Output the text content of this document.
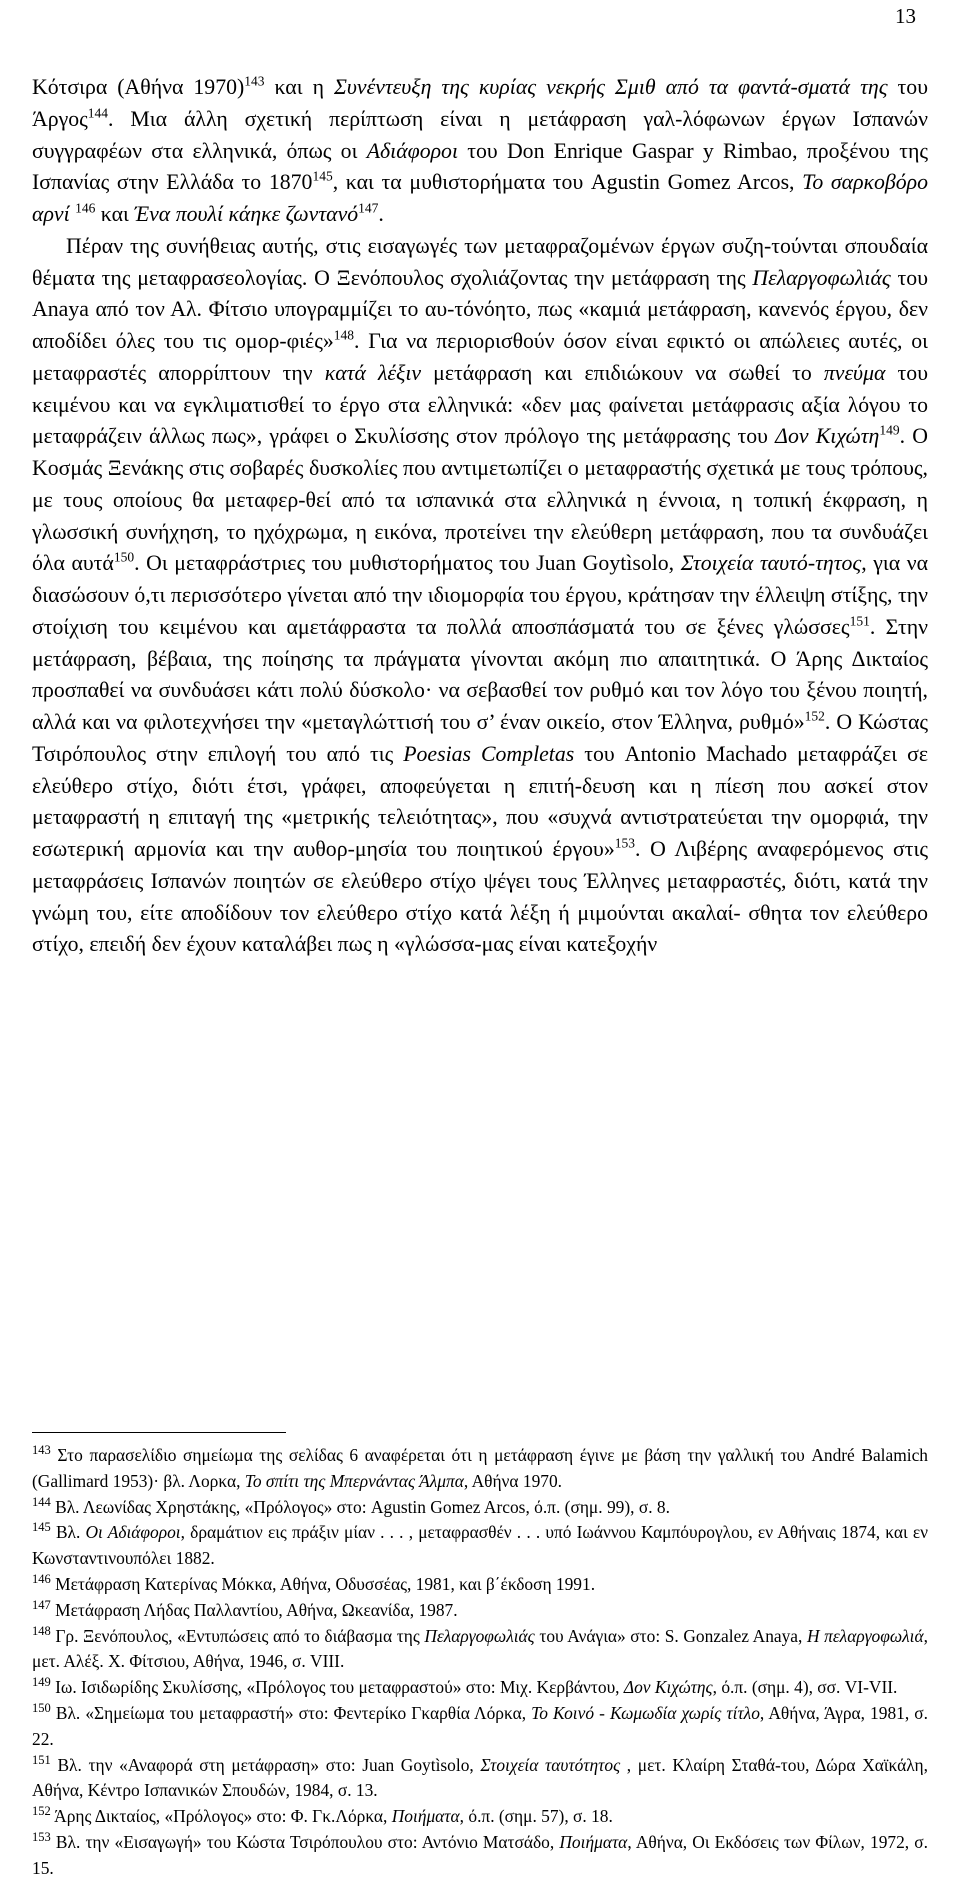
13

Κότσιρα (Αθήνα 1970)$^{143}$ και η Συνέντευξη της κυρίας νεκρής Σμιθ από τα φαντά-σματά της του Άργος$^{144}$. Μια άλλη σχετική περίπτωση είναι η μετάφραση γαλ-λόφωνων έργων Ισπανών συγγραφέων στα ελληνικά, όπως οι Αδιάφοροι του Don Enrique Gaspar y Rimbao, προξένου της Ισπανίας στην Ελλάδα το 1870$^{145}$, και τα μυθιστορήματα του Agustin Gomez Arcos, Το σαρκοβόρο αρνί $^{146}$ και Ένα πουλί κάηκε ζωντανό$^{147}$.

Πέραν της συνήθειας αυτής, στις εισαγωγές των μεταφραζομένων έργων συζη-τούνται σπουδαία θέματα της μεταφρασεολογίας. Ο Ξενόπουλος σχολιάζοντας την μετάφραση της Πελαργοφωλιάς του Anaya από τον Αλ. Φίτσιο υπογραμμίζει το αυ-τόνόητο, πως «καμιά μετάφραση, κανενός έργου, δεν αποδίδει όλες του τις ομορ-φιές»$^{148}$. Για να περιορισθούν όσον είναι εφικτό οι απώλειες αυτές, οι μεταφραστές απορρίπτουν την κατά λέξιν μετάφραση και επιδιώκουν να σωθεί το πνεύμα του κειμένου και να εγκλιματισθεί το έργο στα ελληνικά: «δεν μας φαίνεται μετάφρασις αξία λόγου το μεταφράζειν άλλως πως», γράφει ο Σκυλίσσης στον πρόλογο της μετάφρασης του Δον Κιχώτη$^{149}$. Ο Κοσμάς Ξενάκης στις σοβαρές δυσκολίες που αντιμετωπίζει ο μεταφραστής σχετικά με τους τρόπους, με τους οποίους θα μεταφερ-θεί από τα ισπανικά στα ελληνικά η έννοια, η τοπική έκφραση, η γλωσσική συνήχηση, το ηχόχρωμα, η εικόνα, προτείνει την ελεύθερη μετάφραση, που τα συνδυάζει όλα αυτά$^{150}$. Οι μεταφράστριες του μυθιστορήματος του Juan Goytìsolo, Στοιχεία ταυτό-τητος, για να διασώσουν ό,τι περισσότερο γίνεται από την ιδιομορφία του έργου, κράτησαν την έλλειψη στίξης, την στοίχιση του κειμένου και αμετάφραστα τα πολλά αποσπάσματά του σε ξένες γλώσσες$^{151}$. Στην μετάφραση, βέβαια, της ποίησης τα πράγματα γίνονται ακόμη πιο απαιτητικά. Ο Άρης Δικταίος προσπαθεί να συνδυάσει κάτι πολύ δύσκολο· να σεβασθεί τον ρυθμό και τον λόγο του ξένου ποιητή, αλλά και να φιλοτεχνήσει την «μεταγλώττισή του σ’ έναν οικείο, στον Έλληνα, ρυθμό»$^{152}$. Ο Κώστας Τσιρόπουλος στην επιλογή του από τις Poesias Completas του Antonio Machado μεταφράζει σε ελεύθερο στίχο, διότι έτσι, γράφει, αποφεύγεται η επιτή-δευση και η πίεση που ασκεί στον μεταφραστή η επιταγή της «μετρικής τελειότητας», που «συχνά αντιστρατεύεται την ομορφιά, την εσωτερική αρμονία και την αυθορ-μησία του ποιητικού έργου»$^{153}$. Ο Λιβέρης αναφερόμενος στις μεταφράσεις Ισπανών ποιητών σε ελεύθερο στίχο ψέγει τους Έλληνες μεταφραστές, διότι, κατά την γνώμη του, είτε αποδίδουν τον ελεύθερο στίχο κατά λέξη ή μιμούνται ακαλαί- σθητα τον ελεύθερο στίχο, επειδή δεν έχουν καταλάβει πως η «γλώσσα-μας είναι κατεξοχήν

$^{143}$ Στο παρασελίδιο σημείωμα της σελίδας 6 αναφέρεται ότι η μετάφραση έγινε με βάση την γαλλική του André Balamich (Gallimard 1953)· βλ. Λορκα, Το σπίτι της Μπερνάντας Άλμπα, Αθήνα 1970.

$^{144}$ Βλ. Λεωνίδας Χρηστάκης, «Πρόλογος» στο: Agustin Gomez Arcos, ό.π. (σημ. 99), σ. 8.

$^{145}$ Βλ. Οι Αδιάφοροι, δραμάτιον εις πράξιν μίαν . . . , μεταφρασθέν . . . υπό Ιωάννου Καμπόυρογλου, εν Αθήναις 1874, και εν Κωνσταντινουπόλει 1882.

$^{146}$ Μετάφραση Κατερίνας Μόκκα, Αθήνα, Οδυσσέας, 1981, και β΄έκδοση 1991.

$^{147}$ Μετάφραση Λήδας Παλλαντίου, Αθήνα, Ωκεανίδα, 1987.

$^{148}$ Γρ. Ξενόπουλος, «Εντυπώσεις από το διάβασμα της Πελαργοφωλιάς του Ανάγια» στο: S. Gonzalez Anaya, Η πελαργοφωλιά, μετ. Αλέξ. Χ. Φίτσιου, Αθήνα, 1946, σ. VIII.

$^{149}$ Ιω. Ισιδωρίδης Σκυλίσσης, «Πρόλογος του μεταφραστού» στο: Μιχ. Κερβάντου, Δον Κιχώτης, ό.π. (σημ. 4), σσ. VI-VII.

$^{150}$ Βλ. «Σημείωμα του μεταφραστή» στο: Φεντερίκο Γκαρθία Λόρκα, Το Κοινό - Κωμωδία χωρίς τίτλο, Αθήνα, Άγρα, 1981, σ. 22.

$^{151}$ Βλ. την «Αναφορά στη μετάφραση» στο: Juan Goytìsolo, Στοιχεία ταυτότητος , μετ. Κλαίρη Σταθά-του, Δώρα Χαϊκάλη, Αθήνα, Κέντρο Ισπανικών Σπουδών, 1984, σ. 13.

$^{152}$ Άρης Δικταίος, «Πρόλογος» στο: Φ. Γκ.Λόρκα, Ποιήματα, ό.π. (σημ. 57), σ. 18.

$^{153}$ Βλ. την «Εισαγωγή» του Κώστα Τσιρόπουλου στο: Αντόνιο Ματσάδο, Ποιήματα, Αθήνα, Οι Εκδόσεις των Φίλων, 1972, σ. 15.
